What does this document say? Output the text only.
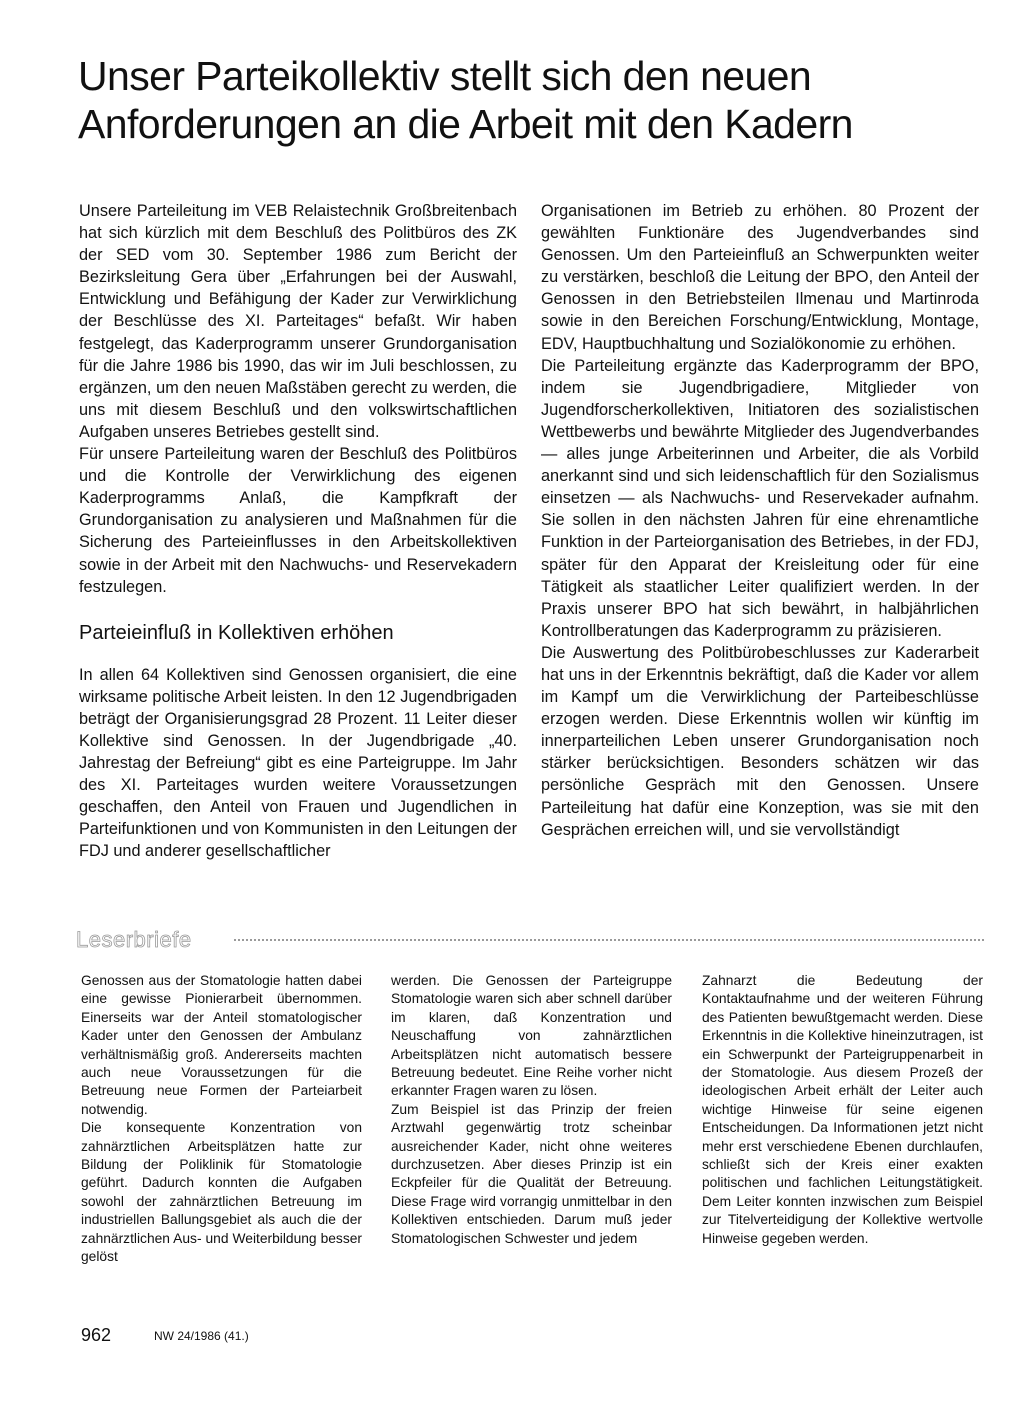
Unser Parteikollektiv stellt sich den neuen
Anforderungen an die Arbeit mit den Kadern

Unsere Parteileitung im VEB Relaistechnik Großbreitenbach hat sich kürzlich mit dem Beschluß des Politbüros des ZK der SED vom 30. September 1986 zum Bericht der Bezirksleitung Gera über „Erfahrungen bei der Auswahl, Entwicklung und Befähigung der Kader zur Verwirklichung der Beschlüsse des XI. Parteitages“ befaßt. Wir haben festgelegt, das Kaderprogramm unserer Grundorganisation für die Jahre 1986 bis 1990, das wir im Juli beschlossen, zu ergänzen, um den neuen Maßstäben gerecht zu werden, die uns mit diesem Beschluß und den volkswirtschaftlichen Aufgaben unseres Betriebes gestellt sind.

Für unsere Parteileitung waren der Beschluß des Politbüros und die Kontrolle der Verwirklichung des eigenen Kaderprogramms Anlaß, die Kampfkraft der Grundorganisation zu analysieren und Maßnahmen für die Sicherung des Parteieinflusses in den Arbeitskollektiven sowie in der Arbeit mit den Nachwuchs- und Reservekadern festzulegen.

Parteieinfluß in Kollektiven erhöhen

In allen 64 Kollektiven sind Genossen organisiert, die eine wirksame politische Arbeit leisten. In den 12 Jugendbrigaden beträgt der Organisierungsgrad 28 Prozent. 11 Leiter dieser Kollektive sind Genossen. In der Jugendbrigade „40. Jahrestag der Befreiung“ gibt es eine Parteigruppe. Im Jahr des XI. Parteitages wurden weitere Voraussetzungen geschaffen, den Anteil von Frauen und Jugendlichen in Parteifunktionen und von Kommunisten in den Leitungen der FDJ und anderer gesellschaftlicher

Organisationen im Betrieb zu erhöhen. 80 Prozent der gewählten Funktionäre des Jugendverbandes sind Genossen. Um den Parteieinfluß an Schwerpunkten weiter zu verstärken, beschloß die Leitung der BPO, den Anteil der Genossen in den Betriebsteilen Ilmenau und Martinroda sowie in den Bereichen Forschung/Entwicklung, Montage, EDV, Hauptbuchhaltung und Sozialökonomie zu erhöhen.

Die Parteileitung ergänzte das Kaderprogramm der BPO, indem sie Jugendbrigadiere, Mitglieder von Jugendforscherkollektiven, Initiatoren des sozialistischen Wettbewerbs und bewährte Mitglieder des Jugendverbandes — alles junge Arbeiterinnen und Arbeiter, die als Vorbild anerkannt sind und sich leidenschaftlich für den Sozialismus einsetzen — als Nachwuchs- und Reservekader aufnahm. Sie sollen in den nächsten Jahren für eine ehrenamtliche Funktion in der Parteiorganisation des Betriebes, in der FDJ, später für den Apparat der Kreisleitung oder für eine Tätigkeit als staatlicher Leiter qualifiziert werden. In der Praxis unserer BPO hat sich bewährt, in halbjährlichen Kontrollberatungen das Kaderprogramm zu präzisieren.

Die Auswertung des Politbürobeschlusses zur Kaderarbeit hat uns in der Erkenntnis bekräftigt, daß die Kader vor allem im Kampf um die Verwirklichung der Parteibeschlüsse erzogen werden. Diese Erkenntnis wollen wir künftig im innerparteilichen Leben unserer Grundorganisation noch stärker berücksichtigen. Besonders schätzen wir das persönliche Gespräch mit den Genossen. Unsere Parteileitung hat dafür eine Konzeption, was sie mit den Gesprächen erreichen will, und sie vervollständigt

Leserbriefe

Genossen aus der Stomatologie hatten dabei eine gewisse Pionierarbeit übernommen. Einerseits war der Anteil stomatologischer Kader unter den Genossen der Ambulanz verhältnismäßig groß. Andererseits machten auch neue Voraussetzungen für die Betreuung neue Formen der Parteiarbeit notwendig.

Die konsequente Konzentration von zahnärztlichen Arbeitsplätzen hatte zur Bildung der Poliklinik für Stomatologie geführt. Dadurch konnten die Aufgaben sowohl der zahnärztlichen Betreuung im industriellen Ballungsgebiet als auch die der zahnärztlichen Aus- und Weiterbildung besser gelöst

werden. Die Genossen der Parteigruppe Stomatologie waren sich aber schnell darüber im klaren, daß Konzentration und Neuschaffung von zahnärztlichen Arbeitsplätzen nicht automatisch bessere Betreuung bedeutet. Eine Reihe vorher nicht erkannter Fragen waren zu lösen.

Zum Beispiel ist das Prinzip der freien Arztwahl gegenwärtig trotz scheinbar ausreichender Kader, nicht ohne weiteres durchzusetzen. Aber dieses Prinzip ist ein Eckpfeiler für die Qualität der Betreuung. Diese Frage wird vorrangig unmittelbar in den Kollektiven entschieden. Darum muß jeder Stomatologischen Schwester und jedem

Zahnarzt die Bedeutung der Kontaktaufnahme und der weiteren Führung des Patienten bewußtgemacht werden. Diese Erkenntnis in die Kollektive hineinzutragen, ist ein Schwerpunkt der Parteigruppenarbeit in der Stomatologie. Aus diesem Prozeß der ideologischen Arbeit erhält der Leiter auch wichtige Hinweise für seine eigenen Entscheidungen. Da Informationen jetzt nicht mehr erst verschiedene Ebenen durchlaufen, schließt sich der Kreis einer exakten politischen und fachlichen Leitungstätigkeit. Dem Leiter konnten inzwischen zum Beispiel zur Titelverteidigung der Kollektive wertvolle Hinweise gegeben werden.

962	NW 24/1986 (41.)
